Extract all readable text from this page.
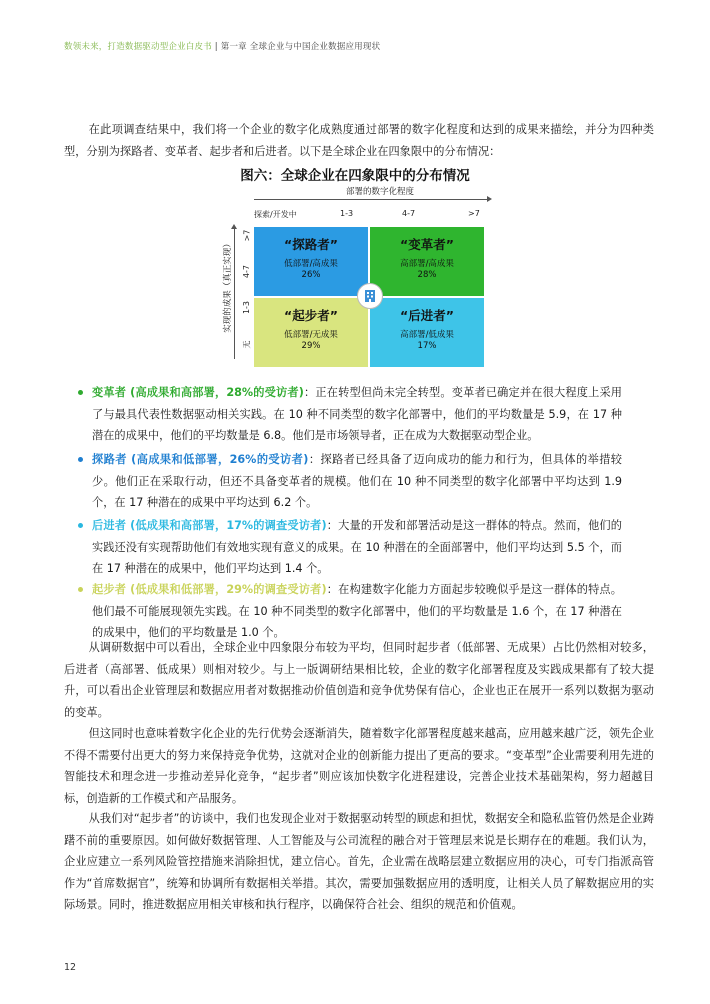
数领未来，打造数据驱动型企业白皮书 | 第一章 全球企业与中国企业数据应用现状

在此项调查结果中，我们将一个企业的数字化成熟度通过部署的数字化程度和达到的成果来描绘，并分为四种类型，分别为探路者、变革者、起步者和后进者。以下是全球企业在四象限中的分布情况：

图六：全球企业在四象限中的分布情况
部署的数字化程度
探索/开发中	1-3	4-7	>7
实现的成果（真正实现）
>7
4-7
1-3
无
“探路者”
低部署/高成果
26%
“变革者”
高部署/高成果
28%
“起步者”
低部署/无成果
29%
“后进者”
高部署/低成果
17%
变革者 (高成果和高部署，28%的受访者)：正在转型但尚未完全转型。变革者已确定并在很大程度上采用了与最具代表性数据驱动相关实践。在 10 种不同类型的数字化部署中，他们的平均数量是 5.9，在 17 种潜在的成果中，他们的平均数量是 6.8。他们是市场领导者，正在成为大数据驱动型企业。
探路者 (高成果和低部署，26%的受访者)：探路者已经具备了迈向成功的能力和行为，但具体的举措较少。他们正在采取行动，但还不具备变革者的规模。他们在 10 种不同类型的数字化部署中平均达到 1.9 个，在 17 种潜在的成果中平均达到 6.2 个。
后进者 (低成果和高部署，17%的调查受访者)：大量的开发和部署活动是这一群体的特点。然而，他们的实践还没有实现帮助他们有效地实现有意义的成果。在 10 种潜在的全面部署中，他们平均达到 5.5 个，而在 17 种潜在的成果中，他们平均达到 1.4 个。
起步者 (低成果和低部署，29%的调查受访者)：在构建数字化能力方面起步较晚似乎是这一群体的特点。他们最不可能展现领先实践。在 10 种不同类型的数字化部署中，他们的平均数量是 1.6 个，在 17 种潜在的成果中，他们的平均数量是 1.0 个。

从调研数据中可以看出，全球企业中四象限分布较为平均，但同时起步者（低部署、无成果）占比仍然相对较多，后进者（高部署、低成果）则相对较少。与上一版调研结果相比较，企业的数字化部署程度及实践成果都有了较大提升，可以看出企业管理层和数据应用者对数据推动价值创造和竞争优势保有信心，企业也正在展开一系列以数据为驱动的变革。

但这同时也意味着数字化企业的先行优势会逐渐消失，随着数字化部署程度越来越高，应用越来越广泛，领先企业不得不需要付出更大的努力来保持竞争优势，这就对企业的创新能力提出了更高的要求。“变革型”企业需要利用先进的智能技术和理念进一步推动差异化竞争，“起步者”则应该加快数字化进程建设，完善企业技术基础架构，努力超越目标，创造新的工作模式和产品服务。

从我们对“起步者”的访谈中，我们也发现企业对于数据驱动转型的顾虑和担忧，数据安全和隐私监管仍然是企业踌躇不前的重要原因。如何做好数据管理、人工智能及与公司流程的融合对于管理层来说是长期存在的难题。我们认为，企业应建立一系列风险管控措施来消除担忧，建立信心。首先，企业需在战略层建立数据应用的决心，可专门指派高管作为“首席数据官”，统筹和协调所有数据相关举措。其次，需要加强数据应用的透明度，让相关人员了解数据应用的实际场景。同时，推进数据应用相关审核和执行程序，以确保符合社会、组织的规范和价值观。

12
